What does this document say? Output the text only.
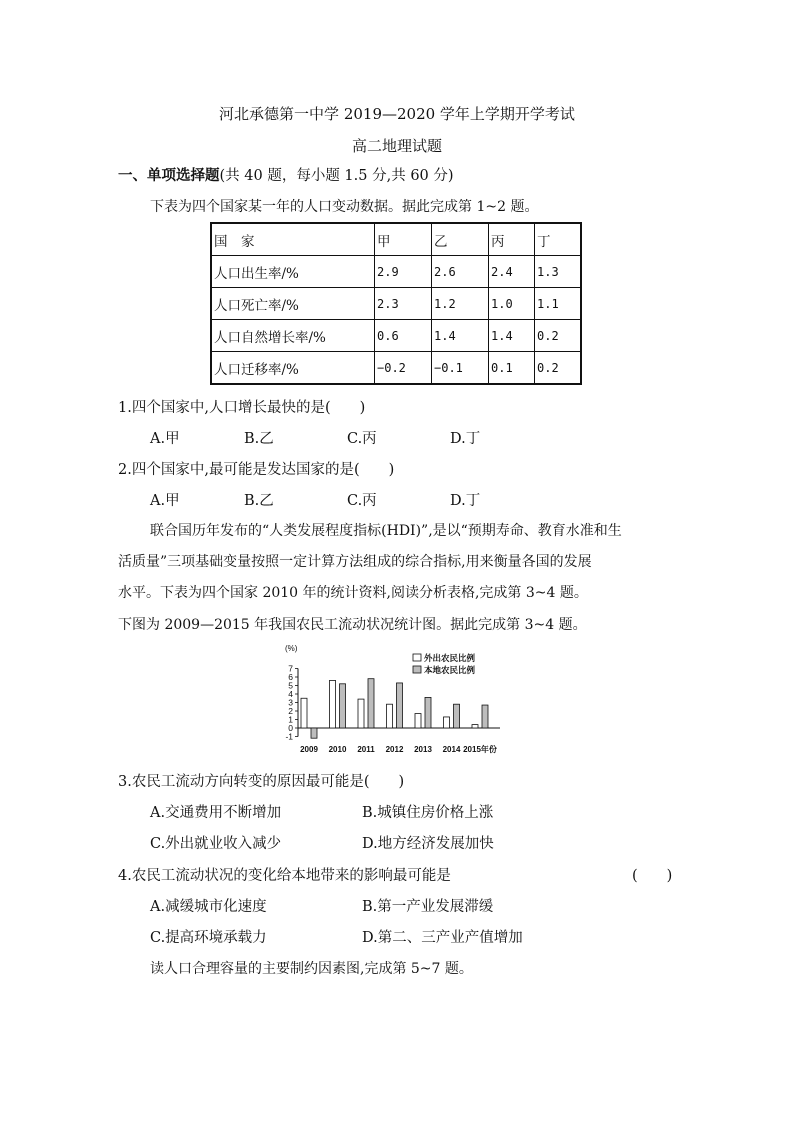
河北承德第一中学 2019—2020 学年上学期开学考试
高二地理试题
一、单项选择题(共 40 题，每小题 1.5 分,共 60 分)
下表为四个国家某一年的人口变动数据。据此完成第 1~2 题。
国　家	甲	乙	丙	丁
人口出生率/%	2.9	2.6	2.4	1.3
人口死亡率/%	2.3	1.2	1.0	1.1
人口自然增长率/%	0.6	1.4	1.4	0.2
人口迁移率/%	−0.2	−0.1	0.1	0.2
1.四个国家中,人口增长最快的是(　　)
A.甲	B.乙	C.丙	D.丁
2.四个国家中,最可能是发达国家的是(　　)
A.甲	B.乙	C.丙	D.丁
联合国历年发布的“人类发展程度指标(HDI)”,是以“预期寿命、教育水准和生
活质量”三项基础变量按照一定计算方法组成的综合指标,用来衡量各国的发展
水平。下表为四个国家 2010 年的统计资料,阅读分析表格,完成第 3~4 题。
下图为 2009—2015 年我国农民工流动状况统计图。据此完成第 3~4 题。
(%)
7
6
5
4
3
2
1
0
-1
2009 2010 2011 2012 2013 2014 2015年份
外出农民比例
本地农民比例
3.农民工流动方向转变的原因最可能是(　　)
A.交通费用不断增加	B.城镇住房价格上涨
C.外出就业收入减少	D.地方经济发展加快
4.农民工流动状况的变化给本地带来的影响最可能是	(　　)
A.减缓城市化速度	B.第一产业发展滞缓
C.提高环境承载力	D.第二、三产业产值增加
读人口合理容量的主要制约因素图,完成第 5~7 题。
